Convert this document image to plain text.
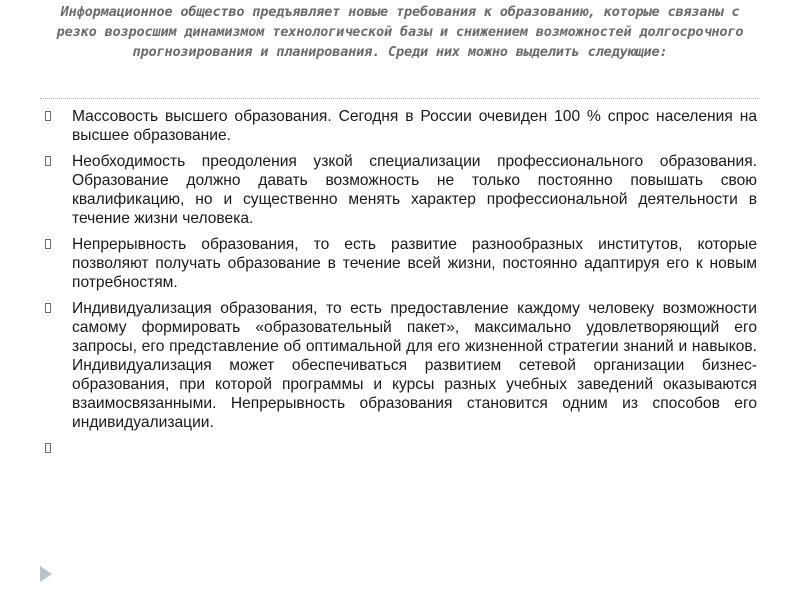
Информационное общество предъявляет новые требования к образованию, которые связаны с резко возросшим динамизмом технологической базы и снижением возможностей долгосрочного прогнозирования и планирования. Среди них можно выделить следующие:
Массовость высшего образования. Сегодня в России очевиден 100 % спрос населения на высшее образование.
Необходимость преодоления узкой специализации профессионального образования. Образование должно давать возможность не только постоянно повышать свою квалификацию, но и существенно менять характер профессиональной деятельности в течение жизни человека.
Непрерывность образования, то есть развитие разнообразных институтов, которые позволяют получать образование в течение всей жизни, постоянно адаптируя его к новым потребностям.
Индивидуализация образования, то есть предоставление каждому человеку возможности самому формировать «образовательный пакет», максимально удовлетворяющий его запросы, его представление об оптимальной для его жизненной стратегии знаний и навыков. Индивидуализация может обеспечиваться развитием сетевой организации бизнес-образования, при которой программы и курсы разных учебных заведений оказываются взаимосвязанными. Непрерывность образования становится одним из способов его индивидуализации.
